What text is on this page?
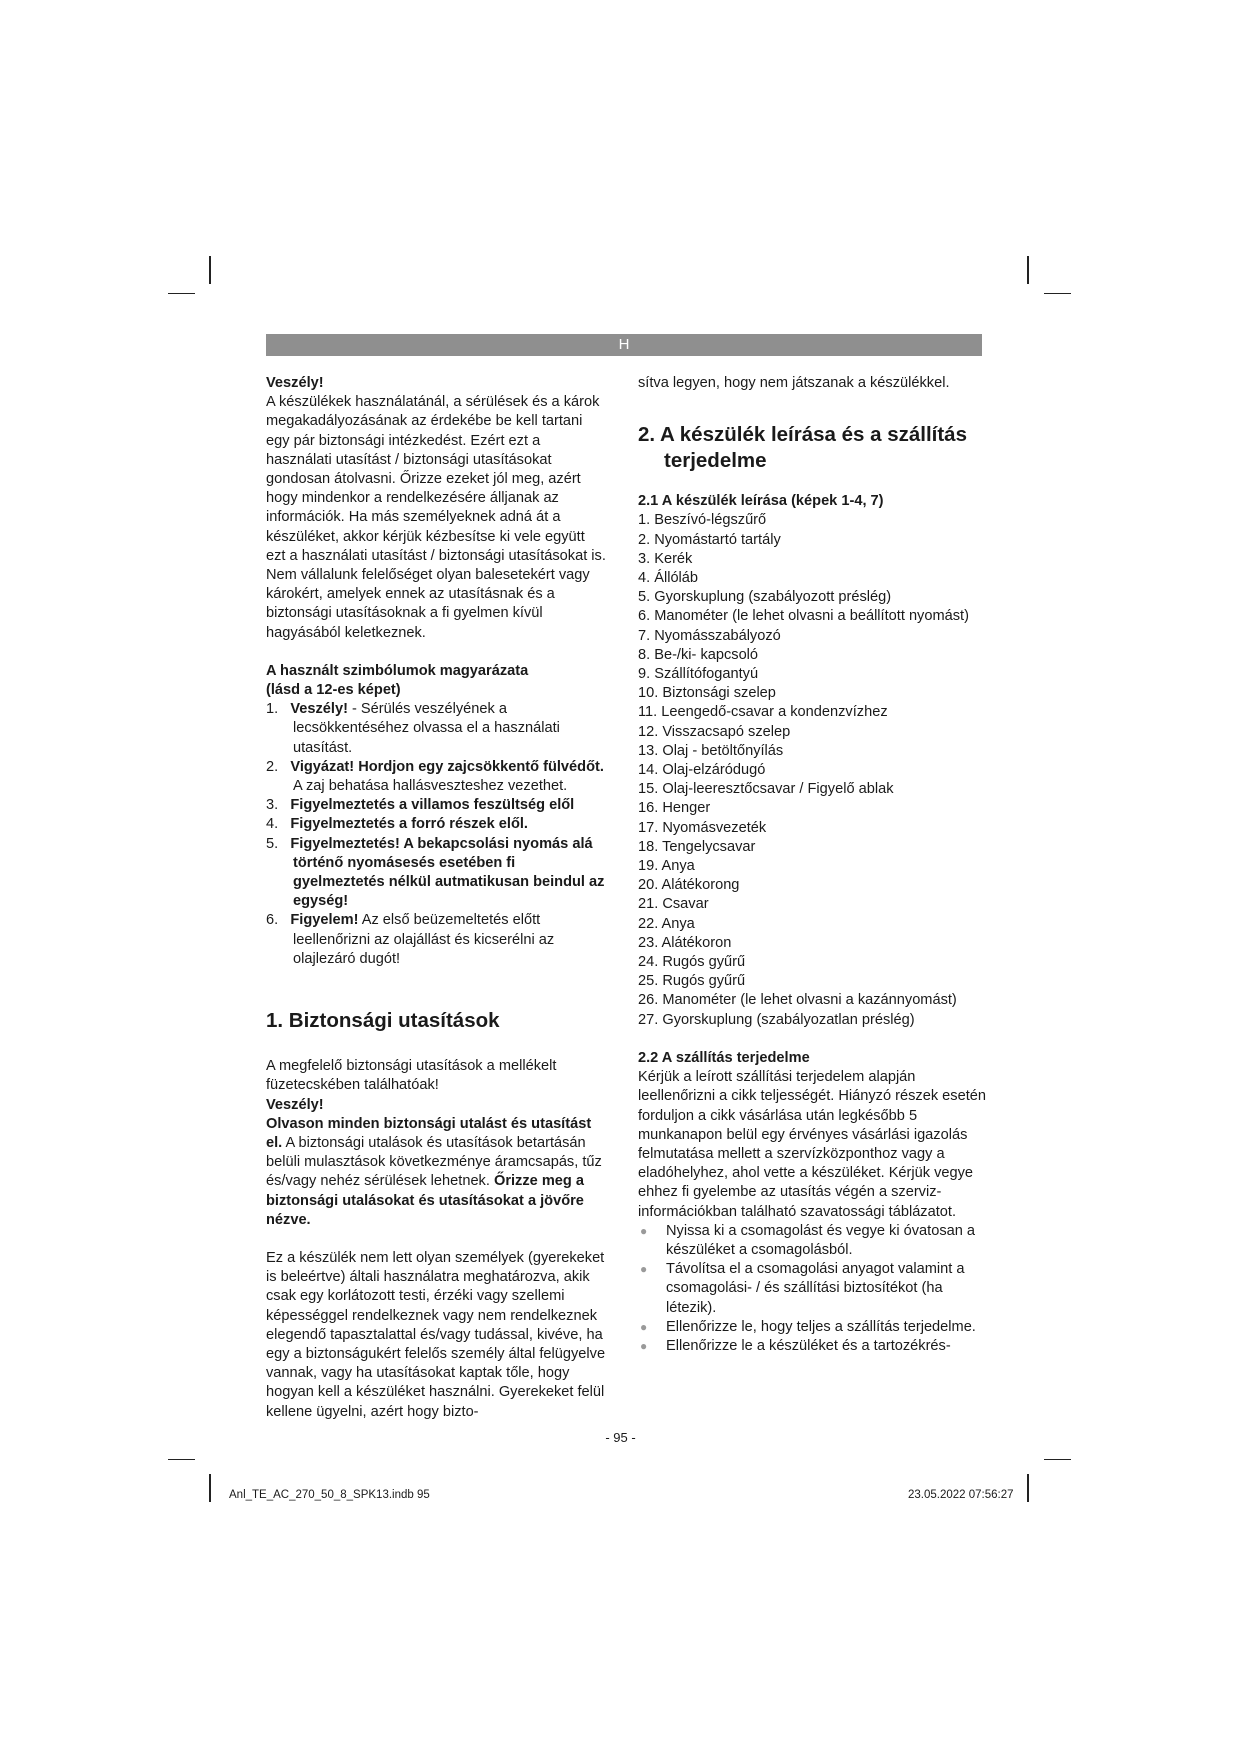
H

Veszély!

A készülékek használatánál, a sérülések és a károk megakadályozásának az érdekébe be kell tartani egy pár biztonsági intézkedést. Ezért ezt a használati utasítást / biztonsági utasításokat gondosan átolvasni. Őrizze ezeket jól meg, azért hogy mindenkor a rendelkezésére álljanak az információk. Ha más személyeknek adná át a készüléket, akkor kérjük kézbesítse ki vele együtt ezt a használati utasítást / biztonsági utasításokat is. Nem vállalunk felelőséget olyan balesetekért vagy károkért, amelyek ennek az utasításnak és a biztonsági utasításoknak a fi gyelmen kívül hagyásából keletkeznek.

A használt szimbólumok magyarázata

(lásd a 12-es képet)

1. Veszély! - Sérülés veszélyének a lecsökkentéséhez olvassa el a használati utasítást.

2. Vigyázat! Hordjon egy zajcsökkentő fülvédőt. A zaj behatása hallásveszteshez vezethet.

3. Figyelmeztetés a villamos feszültség elől

4. Figyelmeztetés a forró részek elől.

5. Figyelmeztetés! A bekapcsolási nyomás alá történő nyomásesés esetében fi gyelmeztetés nélkül autmatikusan beindul az egység!

6. Figyelem! Az első beüzemeltetés előtt leellenőrizni az olajállást és kicserélni az olajlezáró dugót!

1. Biztonsági utasítások

A megfelelő biztonsági utasítások a mellékelt füzetecskében találhatóak!

Veszély!

Olvason minden biztonsági utalást és utasítást el. A biztonsági utalások és utasítások betartásán belüli mulasztások következménye áramcsapás, tűz és/vagy nehéz sérülések lehetnek. Őrizze meg a biztonsági utalásokat és utasításokat a jövőre nézve.

Ez a készülék nem lett olyan személyek (gyerekeket is beleértve) általi használatra meghatározva, akik csak egy korlátozott testi, érzéki vagy szellemi képességgel rendelkeznek vagy nem rendelkeznek elegendő tapasztalattal és/vagy tudással, kivéve, ha egy a biztonságukért felelős személy által felügyelve vannak, vagy ha utasításokat kaptak tőle, hogy hogyan kell a készüléket használni. Gyerekeket felül kellene ügyelni, azért hogy bizto-

sítva legyen, hogy nem játszanak a készülékkel.

2. A készülék leírása és a szállítás

terjedelme

2.1 A készülék leírása (képek 1-4, 7)

1. Beszívó-légszűrő
2. Nyomástartó tartály
3. Kerék
4. Állóláb
5. Gyorskuplung (szabályozott préslég)
6. Manométer (le lehet olvasni a beállított nyomást)
7. Nyomásszabályozó
8. Be-/ki- kapcsoló
9. Szállítófogantyú
10. Biztonsági szelep
11. Leengedő-csavar a kondenzvízhez
12. Visszacsapó szelep
13. Olaj - betöltőnyílás
14. Olaj-elzáródugó
15. Olaj-leeresztőcsavar / Figyelő ablak
16. Henger
17. Nyomásvezeték
18. Tengelycsavar
19. Anya
20. Alátékorong
21. Csavar
22. Anya
23. Alátékoron
24. Rugós gyűrű
25. Rugós gyűrű
26. Manométer (le lehet olvasni a kazánnyomást)
27. Gyorskuplung (szabályozatlan préslég)

2.2 A szállítás terjedelme

Kérjük a leírott szállítási terjedelem alapján leellenőrizni a cikk teljességét. Hiányzó részek esetén forduljon a cikk vásárlása után legkésőbb 5 munkanapon belül egy érvényes vásárlási igazolás felmutatása mellett a szervízközponthoz vagy a eladóhelyhez, ahol vette a készüléket. Kérjük vegye ehhez fi gyelembe az utasítás végén a szerviz-információkban található szavatossági táblázatot.

● Nyissa ki a csomagolást és vegye ki óvatosan a készüléket a csomagolásból.
● Távolítsa el a csomagolási anyagot valamint a csomagolási- / és szállítási biztosítékot (ha létezik).
● Ellenőrizze le, hogy teljes a szállítás terjedelme.
● Ellenőrizze le a készüléket és a tartozékrés-
- 95 -
Anl_TE_AC_270_50_8_SPK13.indb 95	23.05.2022 07:56:27
